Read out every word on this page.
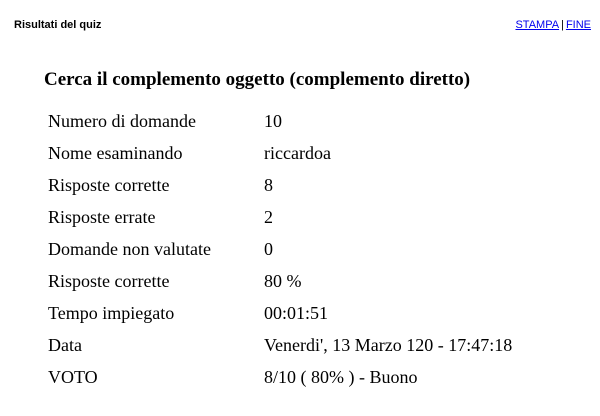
Risultati del quiz	STAMPA | FINE
Cerca il complemento oggetto (complemento diretto)
Numero di domande	10
Nome esaminando	riccardoa
Risposte corrette	8
Risposte errate	2
Domande non valutate	0
Risposte corrette	80 %
Tempo impiegato	00:01:51
Data	Venerdi', 13 Marzo 120 - 17:47:18
VOTO	8/10 ( 80% ) - Buono
